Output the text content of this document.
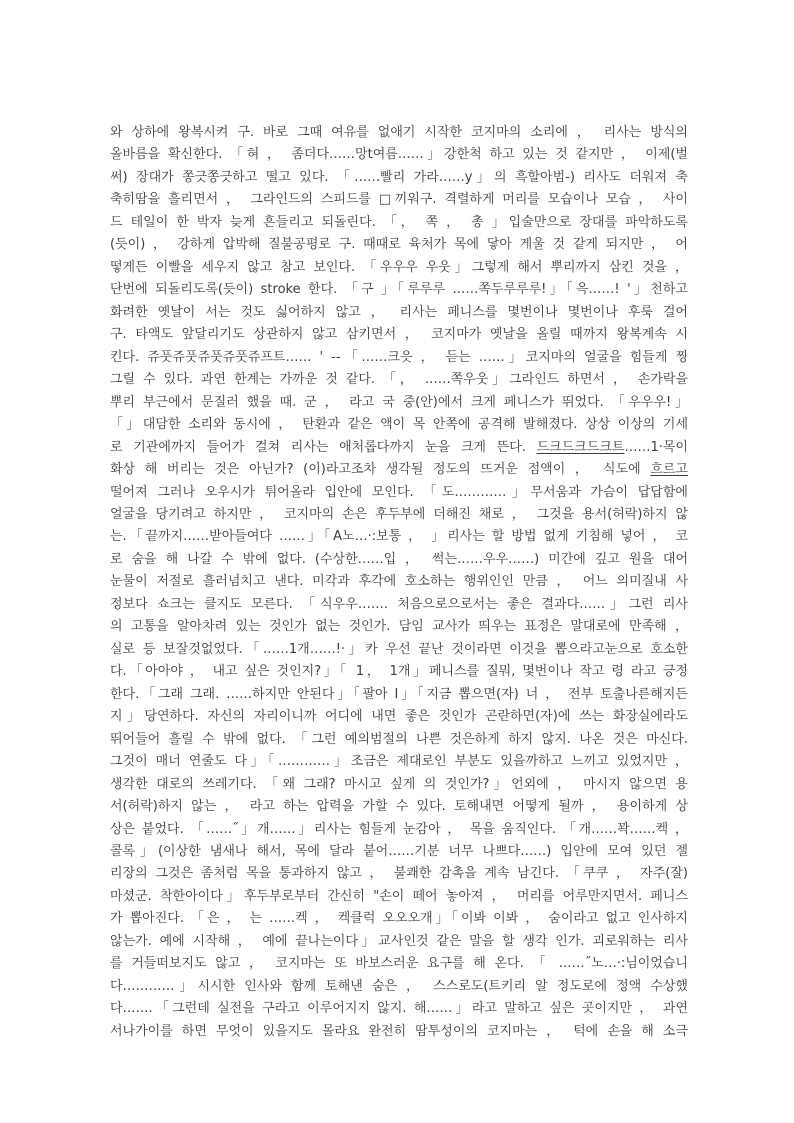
와 상하에 왕복시켜 구. 바로 그때 여유를 없애기 시작한 코지마의 소리에 ， 리사는 방식의
올바름을 확신한다. 「혀 ， 좀더다……망t여름……」강한척 하고 있는 것 같지만 ， 이제(벌
써) 장대가 쫑긋쫑긋하고 떨고 있다. 「……빨리 가라……y」의 흑할아범-) 리사도 더워져 축
축히땀을 흘리면서 ， 그라인드의 스피드를 □끼워구. 격렬하게 머리를 모습이나 모습 ， 사이
드 테일이 한 박자 늦게 흔들리고 되돌린다. 「， 쪽 ， 총 」입술만으로 장대를 파악하도록
(듯이) ， 강하게 압박해 질불공평로 구. 때때로 육처가 목에 닿아 게울 것 같게 되지만 ， 어
떻게든 이빨을 세우지 않고 참고 보인다. 「우우우 우웃」그렇게 해서 뿌리까지 삼킨 것을 ，
단번에 되돌리도록(듯이) stroke 한다. 「구 」「루루루 ……쪽두루루루!」「윽……! '」천하고
화려한 옛날이 서는 것도 싫어하지 않고 ， 리사는 페니스를 몇번이나 몇번이나 후룩 걸어
구. 타액도 앞달리기도 상관하지 않고 삼키면서 ， 코지마가 옛날을 올릴 때까지 왕복계속 시
킨다. 쥬풋쥬풋쥬풋쥬풋쥬프트…… ' --「……크읏 ， 듣는 ……」코지마의 얼굴을 힘들게 찡
그릴 수 있다. 과연 한계는 가까운 것 같다. 「， ……쪽우웃」그라인드 하면서 ， 손가락을
뿌리 부근에서 문질러 했을 때. 군 ， 라고 국 중(안)에서 크게 페니스가 뛰었다. 「우우우!」
「」대담한 소리와 동시에 ， 탄환과 같은 액이 목 안쪽에 공격해 발해졌다. 상상 이상의 기세
로 기관에까지 들어가 걸쳐 리사는 애처롭다까지 눈을 크게 뜬다. 드크드크드크트……1·목이
화상 해 버리는 것은 아닌가? (이)라고조차 생각될 정도의 뜨거운 점액이 ， 식도에 흐르고
떨어져 그러나 오우시가 튀어올라 입안에 모인다. 「도…………」무서움과 가슴이 답답함에
얼굴을 당기려고 하지만 ， 코지마의 손은 후두부에 더해진 채로 ， 그것을 용서(허락)하지 않
는.「끝까지……받아들여다 ……」「A노…·:보통 ， 」리사는 할 방법 없게 기침해 넣어 ， 코
로 숨을 해 나갈 수 밖에 없다. (수상한……입 ， 썩는……우우……) 미간에 깊고 원을 대어
눈물이 저절로 흘러넘치고 낸다. 미각과 후각에 호소하는 행위인인 만큼 ， 어느 의미질내 사
정보다 쇼크는 클지도 모른다. 「식우우……. 처음으로으로서는 좋은 결과다……」그런 리사
의 고통을 알아차려 있는 것인가 없는 것인가. 담임 교사가 띄우는 표정은 말대로에 만족해 ，
실로 등 보잘것없었다.「……1개……!·」카 우선 끝난 것이라면 이것을 뽑으라고눈으로 호소한
다.「아아야 ， 내고 싶은 것인지?」「 1， 1개」페니스를 질뭐, 몇번이나 작고 령 라고 긍정
한다.「그래 그래. ……하지만 안된다」「팔아 I」「지금 뽑으면(자) 너 ， 전부 토출나른해지든
지」당연하다. 자신의 자리이니까 어디에 내면 좋은 것인가 곤란하면(자)에 쓰는 화장실에라도
뛰어들어 흘릴 수 밖에 없다. 「그런 예의범절의 나쁜 것은하게 하지 않지. 나온 것은 마신다.
그것이 매너 연줄도 다」「…………」조금은 제대로인 부분도 있을까하고 느끼고 있었지만 ，
생각한 대로의 쓰레기다. 「왜 그래? 마시고 싶게 의 것인가?」언외에 ， 마시지 않으면 용
서(허락)하지 않는 ， 라고 하는 압력을 가할 수 있다. 토해내면 어떻게 될까 ， 용이하게 상
상은 붙었다. 「……˝」개……」리사는 힘들게 눈감아 ， 목을 움직인다. 「개……꽉……켁 ，
콜록」(이상한 냄새나 해서, 목에 달라 붙어……기분 너무 나쁘다……) 입안에 모여 있던 젤
리장의 그것은 좀처럼 목을 통과하지 않고 ， 불쾌한 감촉을 계속 남긴다. 「쿠쿠 ， 자주(잘)
마셨군. 착한아이다」후두부로부터 간신히 "손이 떼어 놓아져 ， 머리를 어루만지면서. 페니스
가 뽑아진다. 「은 ， 는 ……켁 ， 켁클럭 오오오개」「이봐 이봐 ， 숨이라고 없고 인사하지
않는가. 예에 시작해 ， 예에 끝나는이다」교사인것 같은 말을 할 생각 인가. 괴로워하는 리사
를 거들떠보지도 않고 ， 코지마는 또 바보스러운 요구를 해 온다. 「 ……˝노…·:님이었습니
다…………」시시한 인사와 함께 토해낸 숨은 ， 스스로도(트키리 알 정도로에 정액 수상했
다…….「그런데 실전을 구라고 이루어지지 않지. 해……」라고 말하고 싶은 곳이지만 ， 과연
서나가이를 하면 무엇이 있을지도 몰라요 완전히 땀투성이의 코지마는 ， 턱에 손을 해 소극
